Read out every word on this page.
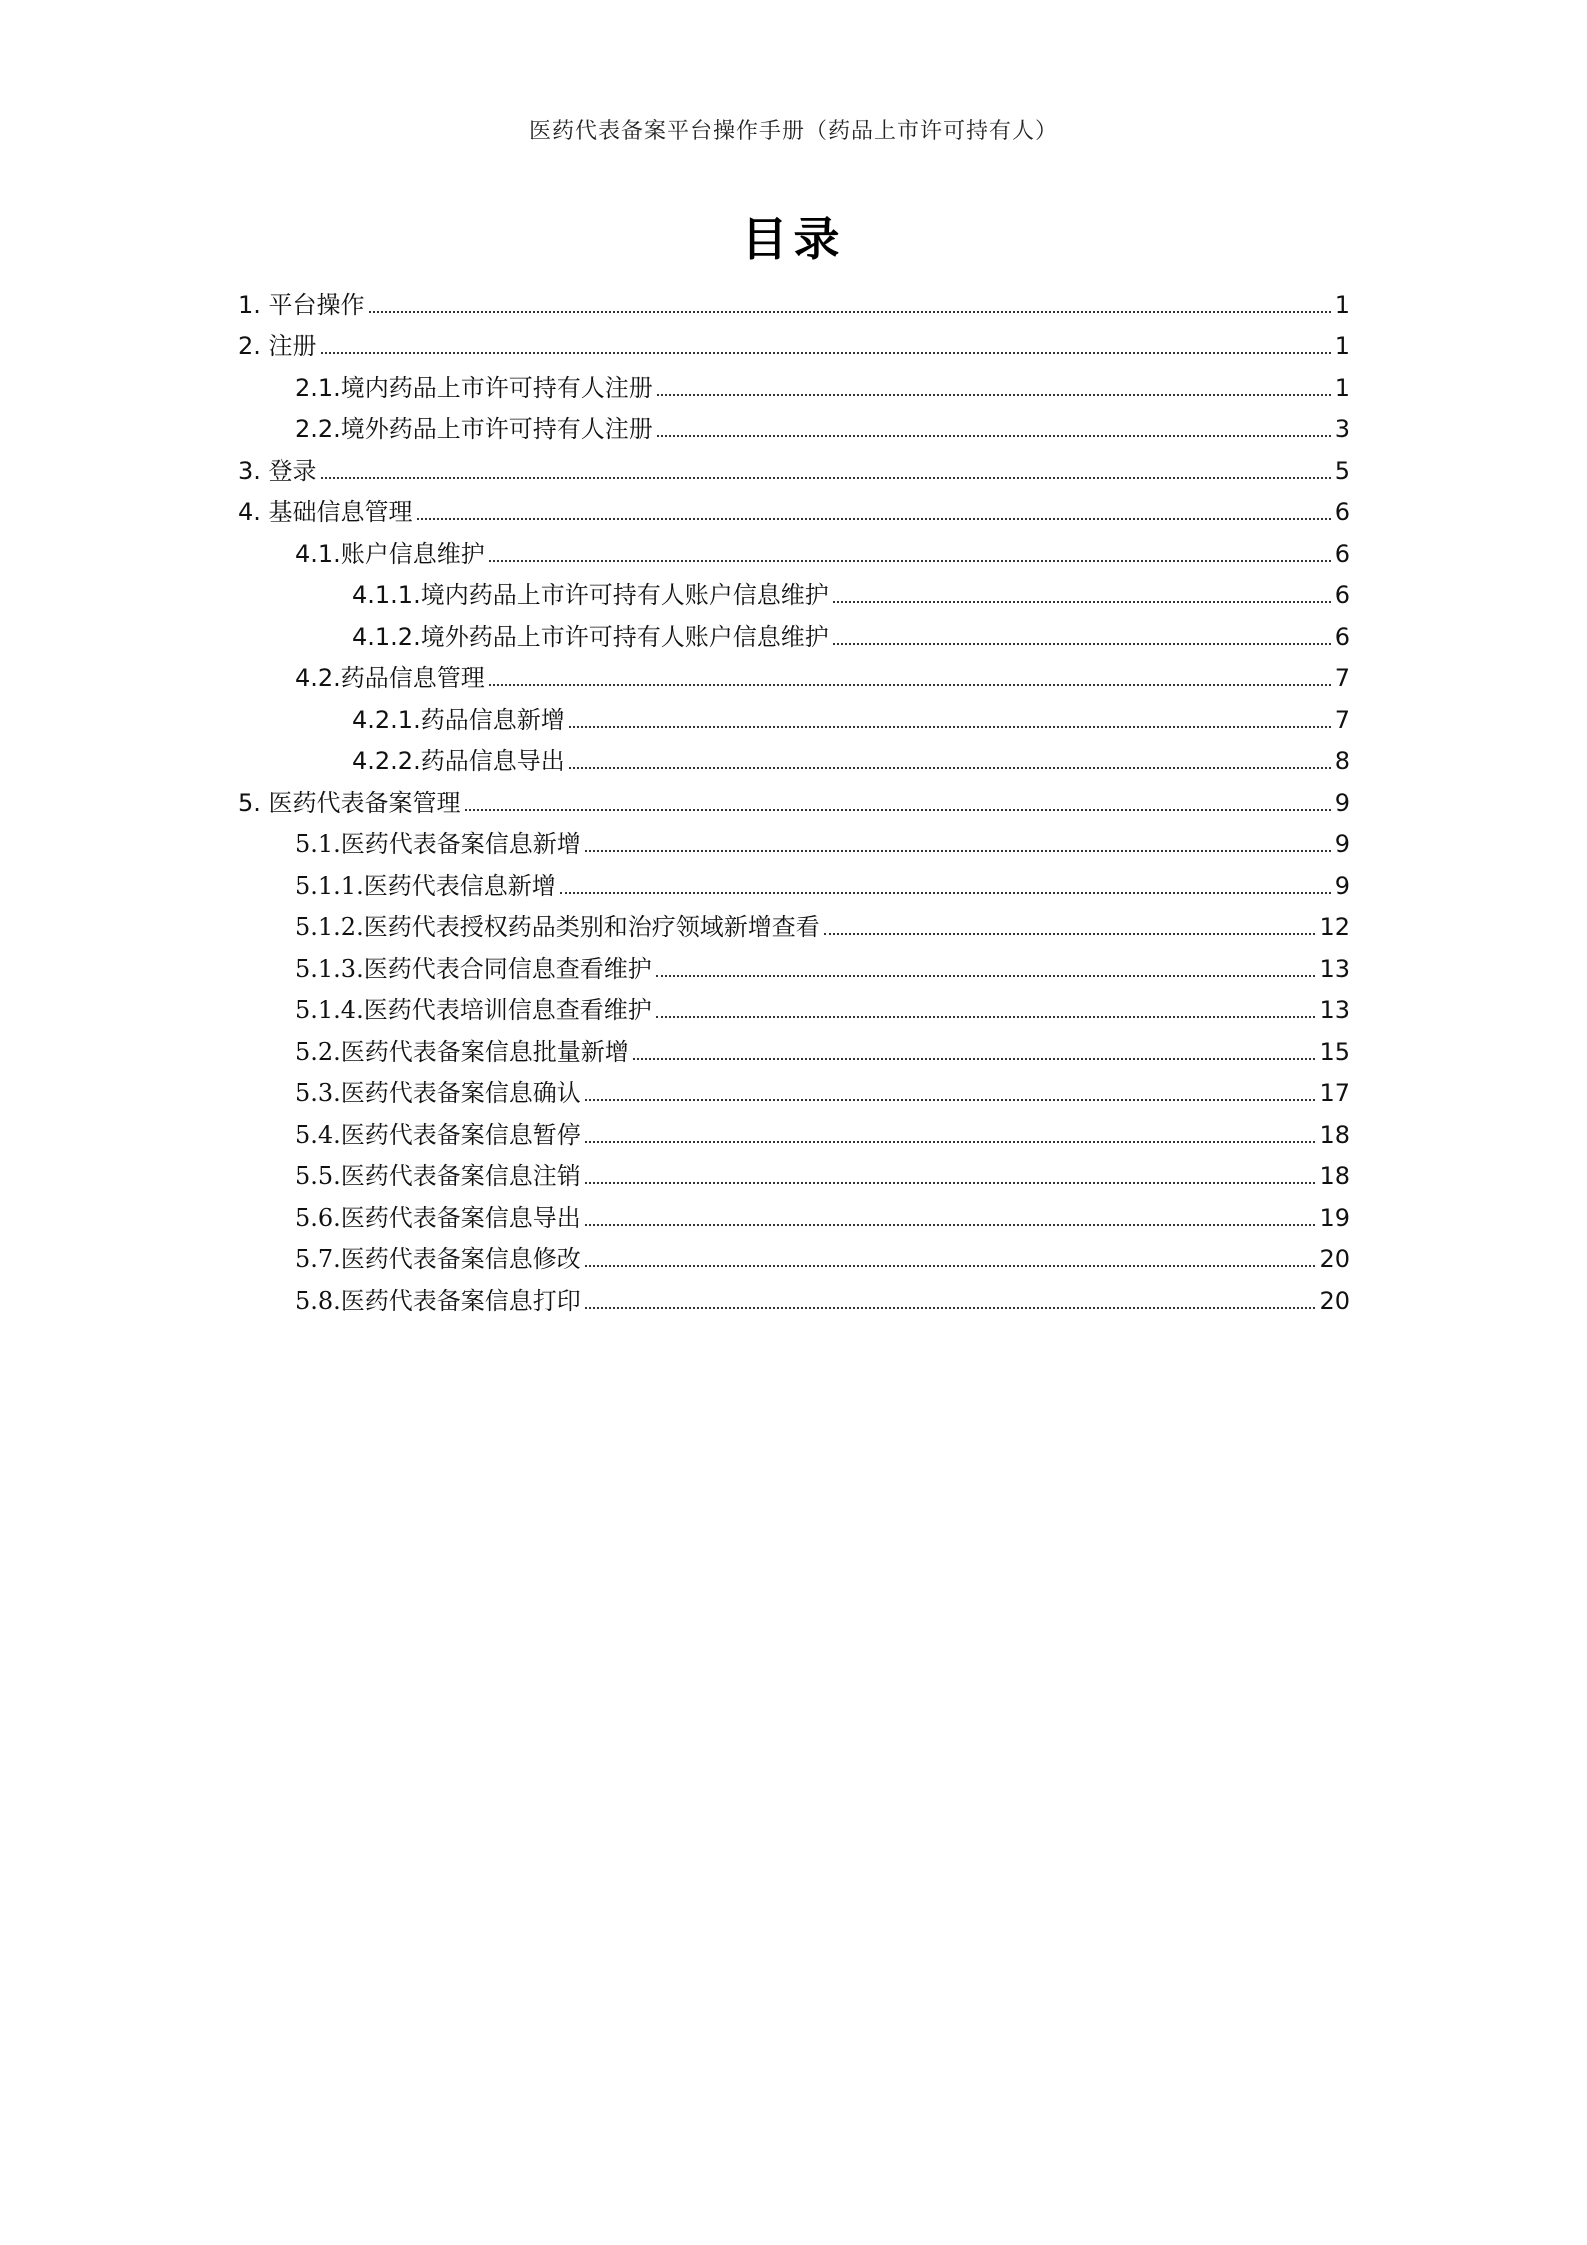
医药代表备案平台操作手册（药品上市许可持有人）
目录
1. 平台操作	1
2. 注册	1
2.1.境内药品上市许可持有人注册	1
2.2.境外药品上市许可持有人注册	3
3. 登录	5
4. 基础信息管理	6
4.1.账户信息维护	6
4.1.1.境内药品上市许可持有人账户信息维护	6
4.1.2.境外药品上市许可持有人账户信息维护	6
4.2.药品信息管理	7
4.2.1.药品信息新增	7
4.2.2.药品信息导出	8
5. 医药代表备案管理	9
5.1.医药代表备案信息新增	9
5.1.1.医药代表信息新增	9
5.1.2.医药代表授权药品类别和治疗领域新增查看	12
5.1.3.医药代表合同信息查看维护	13
5.1.4.医药代表培训信息查看维护	13
5.2.医药代表备案信息批量新增	15
5.3.医药代表备案信息确认	17
5.4.医药代表备案信息暂停	18
5.5.医药代表备案信息注销	18
5.6.医药代表备案信息导出	19
5.7.医药代表备案信息修改	20
5.8.医药代表备案信息打印	20
